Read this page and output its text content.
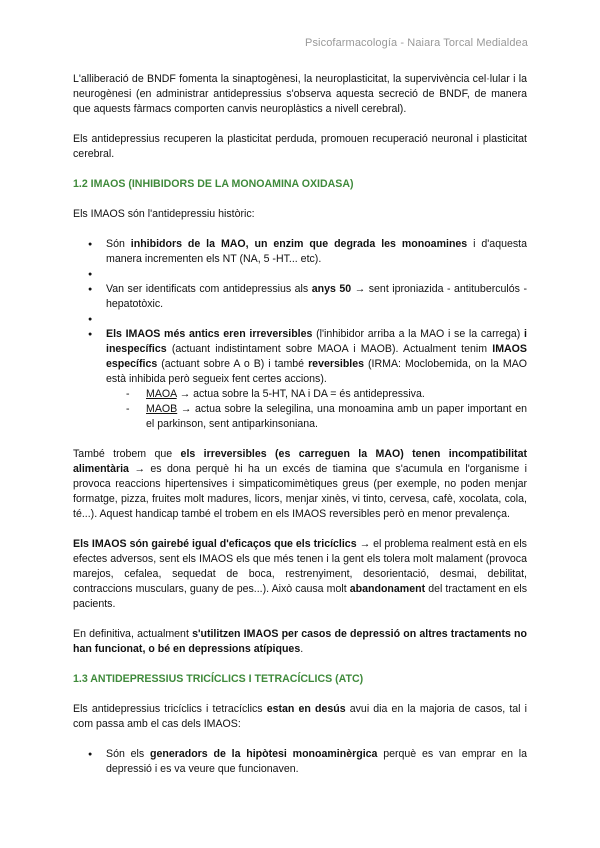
Psicofarmacología - Naiara Torcal Medialdea

L'alliberació de BNDF fomenta la sinaptogènesi, la neuroplasticitat, la supervivència cel·lular i la neurogènesi (en administrar antidepressius s'observa aquesta secreció de BNDF, de manera que aquests fàrmacs comporten canvis neuroplàstics a nivell cerebral).

Els antidepressius recuperen la plasticitat perduda, promouen recuperació neuronal i plasticitat cerebral.

1.2 IMAOS (INHIBIDORS DE LA MONOAMINA OXIDASA)

Els IMAOS són l'antidepressiu històric:

● Són inhibidors de la MAO, un enzim que degrada les monoamines i d'aquesta manera incrementen els NT (NA, 5 -HT... etc).
●
● Van ser identificats com antidepressius als anys 50 → sent iproniazida - antituberculós - hepatotòxic.
●
● Els IMAOS més antics eren irreversibles (l'inhibidor arriba a la MAO i se la carrega) i inespecífics (actuant indistintament sobre MAOA i MAOB). Actualment tenim IMAOS específics (actuant sobre A o B) i també reversibles (IRMA: Moclobemida, on la MAO està inhibida però segueix fent certes accions).
- MAOA → actua sobre la 5-HT, NA i DA = és antidepressiva.
- MAOB → actua sobre la selegilina, una monoamina amb un paper important en el parkinson, sent antiparkinsoniana.

També trobem que els irreversibles (es carreguen la MAO) tenen incompatibilitat alimentària → es dona perquè hi ha un excés de tiamina que s'acumula en l'organisme i provoca reaccions hipertensives i simpaticomimètiques greus (per exemple, no poden menjar formatge, pizza, fruites molt madures, licors, menjar xinès, vi tinto, cervesa, cafè, xocolata, cola, té...). Aquest handicap també el trobem en els IMAOS reversibles però en menor prevalença.

Els IMAOS són gairebé igual d'eficaços que els tricíclics → el problema realment està en els efectes adversos, sent els IMAOS els que més tenen i la gent els tolera molt malament (provoca marejos, cefalea, sequedat de boca, restrenyiment, desorientació, desmai, debilitat, contraccions musculars, guany de pes...). Això causa molt abandonament del tractament en els pacients.

En definitiva, actualment s'utilitzen IMAOS per casos de depressió on altres tractaments no han funcionat, o bé en depressions atípiques.

1.3 ANTIDEPRESSIUS TRICÍCLICS I TETRACÍCLICS (ATC)

Els antidepressius tricíclics i tetracíclics estan en desús avui dia en la majoria de casos, tal i com passa amb el cas dels IMAOS:

● Són els generadors de la hipòtesi monoaminèrgica perquè es van emprar en la depressió i es va veure que funcionaven.
